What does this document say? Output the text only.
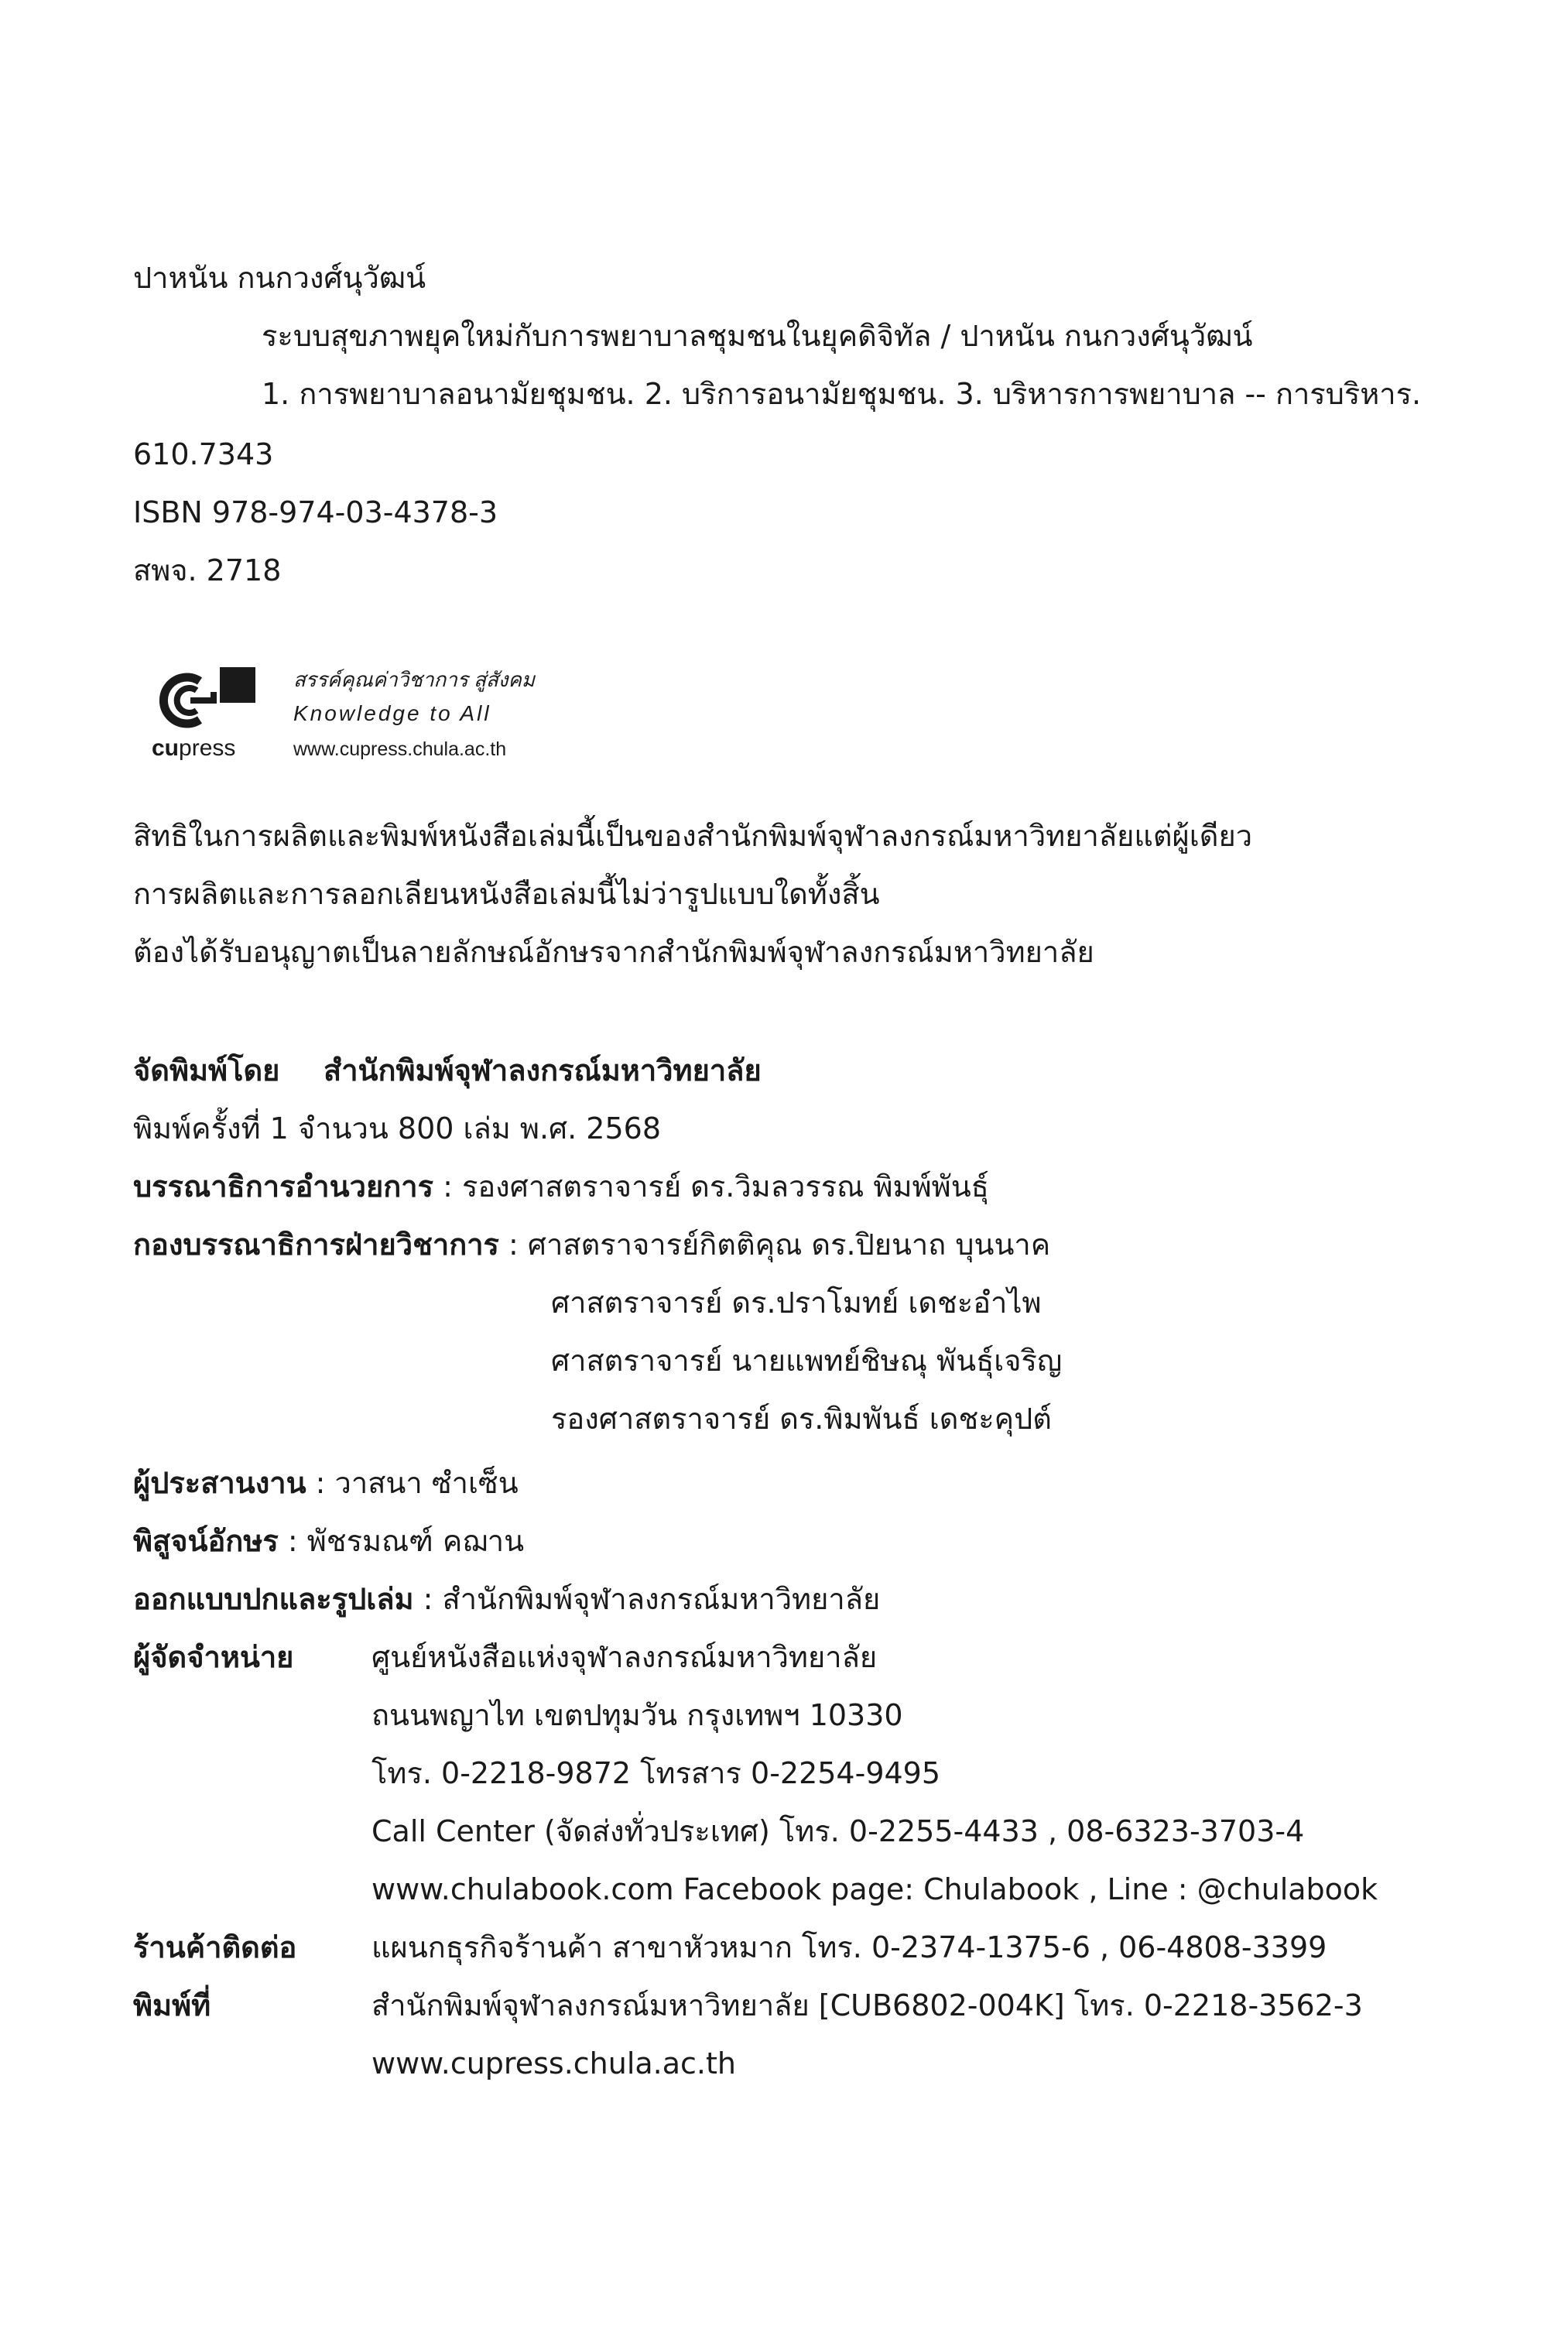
ปาหนัน กนกวงศ์นุวัฒน์
ระบบสุขภาพยุคใหม่กับการพยาบาลชุมชนในยุคดิจิทัล / ปาหนัน กนกวงศ์นุวัฒน์
1. การพยาบาลอนามัยชุมชน. 2. บริการอนามัยชุมชน. 3. บริหารการพยาบาล -- การบริหาร.
610.7343
ISBN 978-974-03-4378-3
สพจ. 2718
cupress
สรรค์คุณค่าวิชาการ สู่สังคม
Knowledge to All
www.cupress.chula.ac.th
สิทธิในการผลิตและพิมพ์หนังสือเล่มนี้เป็นของสำนักพิมพ์จุฬาลงกรณ์มหาวิทยาลัยแต่ผู้เดียว
การผลิตและการลอกเลียนหนังสือเล่มนี้ไม่ว่ารูปแบบใดทั้งสิ้น
ต้องได้รับอนุญาตเป็นลายลักษณ์อักษรจากสำนักพิมพ์จุฬาลงกรณ์มหาวิทยาลัย
จัดพิมพ์โดย สำนักพิมพ์จุฬาลงกรณ์มหาวิทยาลัย
พิมพ์ครั้งที่ 1 จำนวน 800 เล่ม พ.ศ. 2568
บรรณาธิการอำนวยการ : รองศาสตราจารย์ ดร.วิมลวรรณ พิมพ์พันธุ์
กองบรรณาธิการฝ่ายวิชาการ : ศาสตราจารย์กิตติคุณ ดร.ปิยนาถ บุนนาค
ศาสตราจารย์ ดร.ปราโมทย์ เดชะอำไพ
ศาสตราจารย์ นายแพทย์ชิษณุ พันธุ์เจริญ
รองศาสตราจารย์ ดร.พิมพันธ์ เดชะคุปต์
ผู้ประสานงาน : วาสนา ซำเซ็น
พิสูจน์อักษร : พัชรมณฑ์ คฌาน
ออกแบบปกและรูปเล่ม : สำนักพิมพ์จุฬาลงกรณ์มหาวิทยาลัย
ผู้จัดจำหน่าย	ศูนย์หนังสือแห่งจุฬาลงกรณ์มหาวิทยาลัย
ถนนพญาไท เขตปทุมวัน กรุงเทพฯ 10330
โทร. 0-2218-9872 โทรสาร 0-2254-9495
Call Center (จัดส่งทั่วประเทศ) โทร. 0-2255-4433 , 08-6323-3703-4
www.chulabook.com Facebook page: Chulabook , Line : @chulabook
ร้านค้าติดต่อ	แผนกธุรกิจร้านค้า สาขาหัวหมาก โทร. 0-2374-1375-6 , 06-4808-3399
พิมพ์ที่	สำนักพิมพ์จุฬาลงกรณ์มหาวิทยาลัย [CUB6802-004K] โทร. 0-2218-3562-3
www.cupress.chula.ac.th
